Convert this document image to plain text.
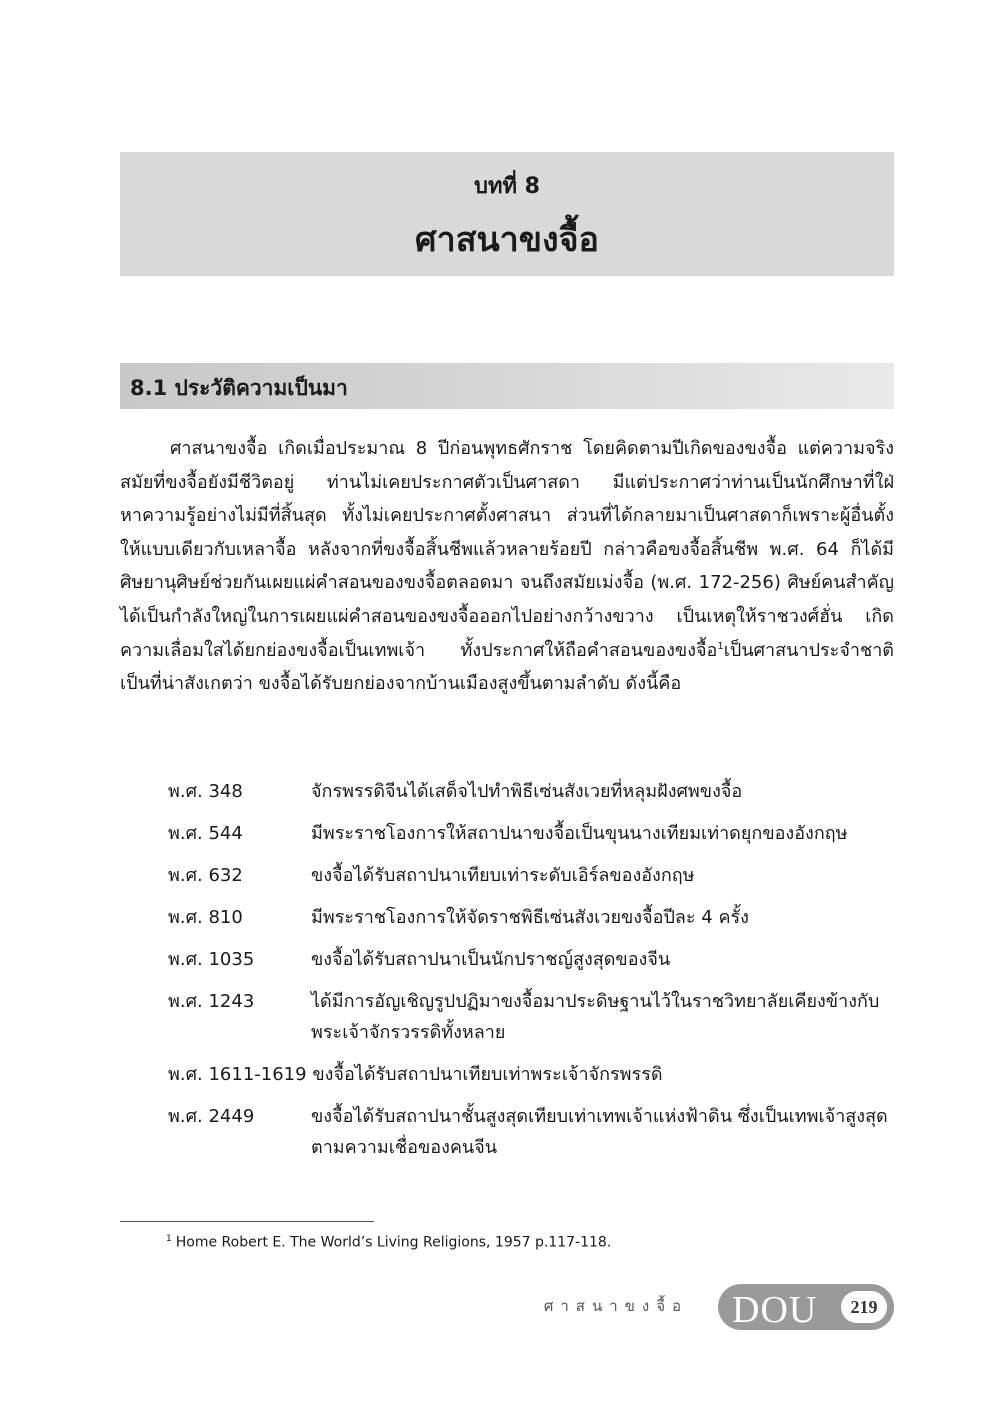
บทที่ 8
ศาสนาขงจื้อ
8.1 ประวัติความเป็นมา

ศาสนาขงจื้อ เกิดเมื่อประมาณ 8 ปีก่อนพุทธศักราช โดยคิดตามปีเกิดของขงจื้อ แต่ความจริงสมัยที่ขงจื้อยังมีชีวิตอยู่ ท่านไม่เคยประกาศตัวเป็นศาสดา มีแต่ประกาศว่าท่านเป็นนักศึกษาที่ใฝ่หาความรู้อย่างไม่มีที่สิ้นสุด ทั้งไม่เคยประกาศตั้งศาสนา ส่วนที่ได้กลายมาเป็นศาสดาก็เพราะผู้อื่นตั้งให้แบบเดียวกับเหลาจื้อ หลังจากที่ขงจื้อสิ้นชีพแล้วหลายร้อยปี กล่าวคือขงจื้อสิ้นชีพ พ.ศ. 64 ก็ได้มีศิษยานุศิษย์ช่วยกันเผยแผ่คำสอนของขงจื้อตลอดมา จนถึงสมัยเม่งจื้อ (พ.ศ. 172-256) ศิษย์คนสำคัญได้เป็นกำลังใหญ่ในการเผยแผ่คำสอนของขงจื้อออกไปอย่างกว้างขวาง เป็นเหตุให้ราชวงศ์ฮั่น เกิดความเลื่อมใสได้ยกย่องขงจื้อเป็นเทพเจ้า ทั้งประกาศให้ถือคำสอนของขงจื้อ$^1$เป็นศาสนาประจำชาติ เป็นที่น่าสังเกตว่า ขงจื้อได้รับยกย่องจากบ้านเมืองสูงขึ้นตามลำดับ ดังนี้คือ

พ.ศ. 348	จักรพรรดิจีนได้เสด็จไปทำพิธีเซ่นสังเวยที่หลุมฝังศพขงจื้อ
พ.ศ. 544	มีพระราชโองการให้สถาปนาขงจื้อเป็นขุนนางเทียมเท่าดยุกของอังกฤษ
พ.ศ. 632	ขงจื้อได้รับสถาปนาเทียบเท่าระดับเอิร์ลของอังกฤษ
พ.ศ. 810	มีพระราชโองการให้จัดราชพิธีเซ่นสังเวยขงจื้อปีละ 4 ครั้ง
พ.ศ. 1035	ขงจื้อได้รับสถาปนาเป็นนักปราชญ์สูงสุดของจีน
พ.ศ. 1243	ได้มีการอัญเชิญรูปปฏิมาขงจื้อมาประดิษฐานไว้ในราชวิทยาลัยเคียงข้างกับพระเจ้าจักรวรรดิทั้งหลาย
พ.ศ. 1611-1619 ขงจื้อได้รับสถาปนาเทียบเท่าพระเจ้าจักรพรรดิ
พ.ศ. 2449	ขงจื้อได้รับสถาปนาชั้นสูงสุดเทียบเท่าเทพเจ้าแห่งฟ้าดิน ซึ่งเป็นเทพเจ้าสูงสุดตามความเชื่อของคนจีน
$^1$ Home Robert E. The World’s Living Religions, 1957 p.117-118.
ศาสนาขงจื้อ DOU	219
